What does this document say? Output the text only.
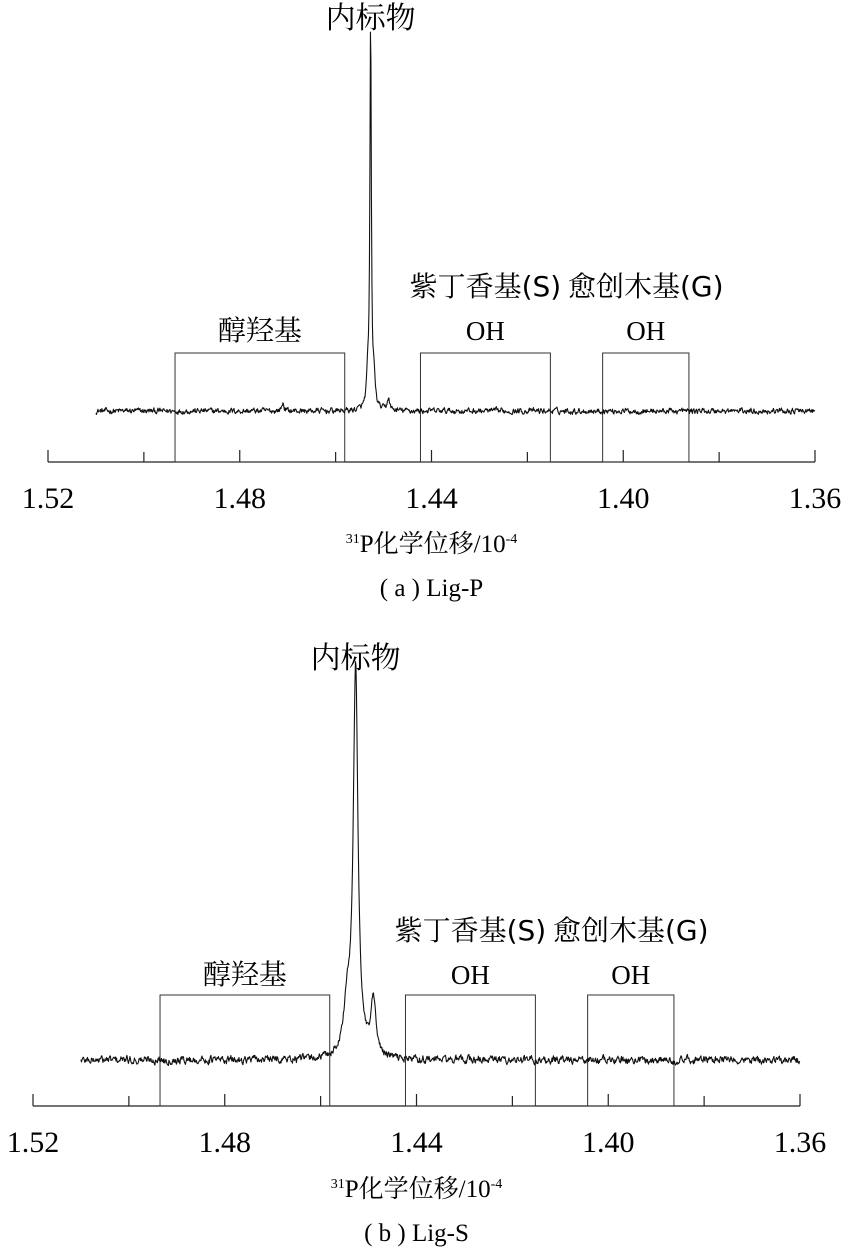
1.52	1.48	1.44	1.40	1.36
$^{31}$P化学位移$/10^{-4}$
( a ) Lig-P
醇羟基
紫丁香基(S)
OH
愈创木基(G)
OH
内标物
1.52	1.48	1.44	1.40	1.36
$^{31}$P化学位移$/10^{-4}$
( b ) Lig-S
醇羟基
紫丁香基(S)
OH
愈创木基(G)
OH
内标物
